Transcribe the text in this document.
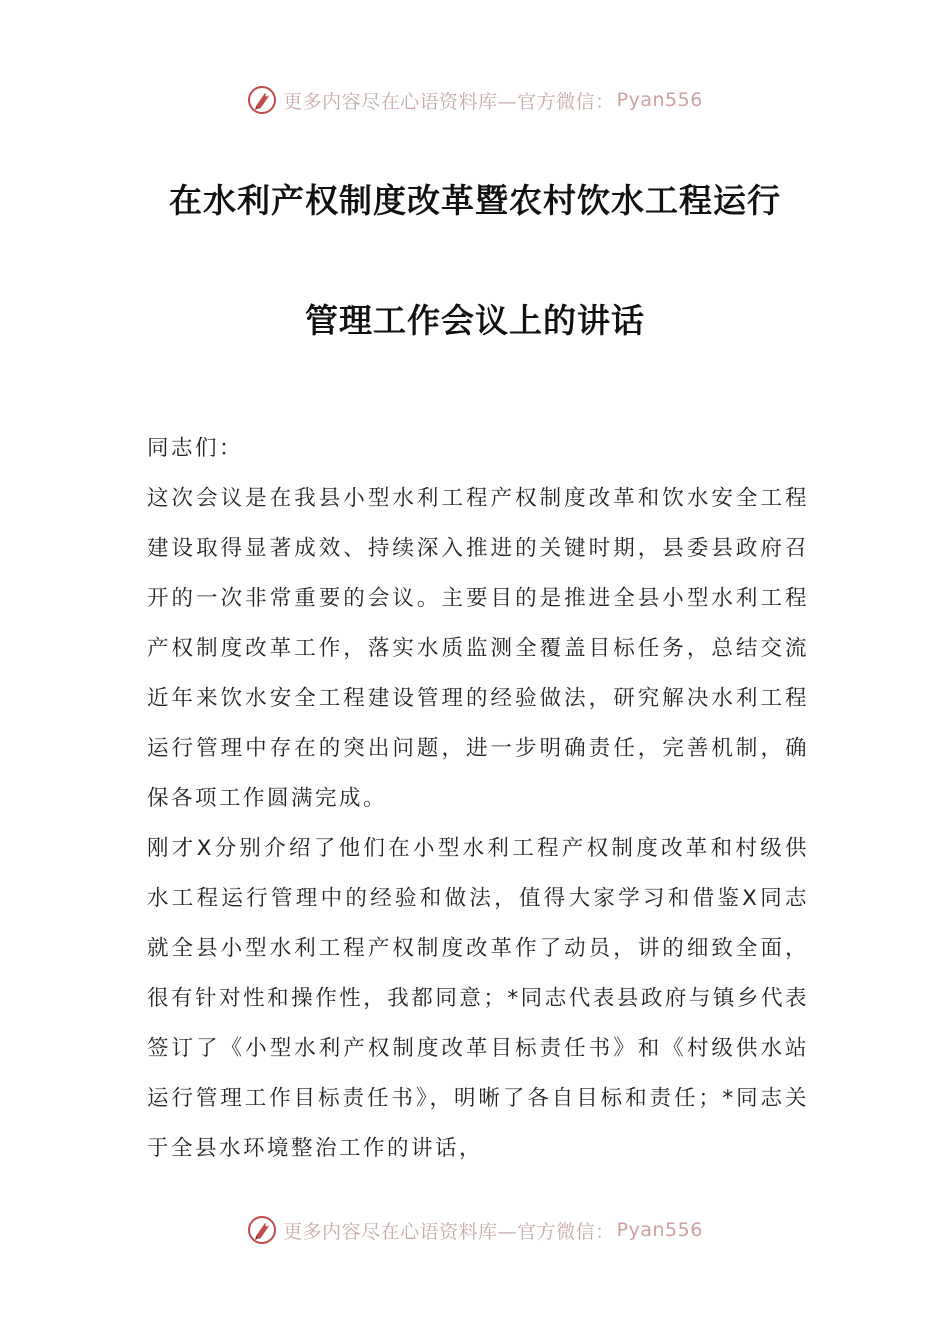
更多内容尽在心语资料库—官方微信： Pyan556
在水利产权制度改革暨农村饮水工程运行
管理工作会议上的讲话

同志们：

这次会议是在我县小型水利工程产权制度改革和饮水安全工程建设取得显著成效、持续深入推进的关键时期，县委县政府召开的一次非常重要的会议。主要目的是推进全县小型水利工程产权制度改革工作，落实水质监测全覆盖目标任务，总结交流近年来饮水安全工程建设管理的经验做法，研究解决水利工程运行管理中存在的突出问题，进一步明确责任，完善机制，确保各项工作圆满完成。

刚才X分别介绍了他们在小型水利工程产权制度改革和村级供水工程运行管理中的经验和做法，值得大家学习和借鉴X同志就全县小型水利工程产权制度改革作了动员，讲的细致全面，很有针对性和操作性，我都同意；*同志代表县政府与镇乡代表签订了《小型水利产权制度改革目标责任书》和《村级供水站运行管理工作目标责任书》，明晰了各自目标和责任；*同志关于全县水环境整治工作的讲话，

更多内容尽在心语资料库—官方微信： Pyan556
